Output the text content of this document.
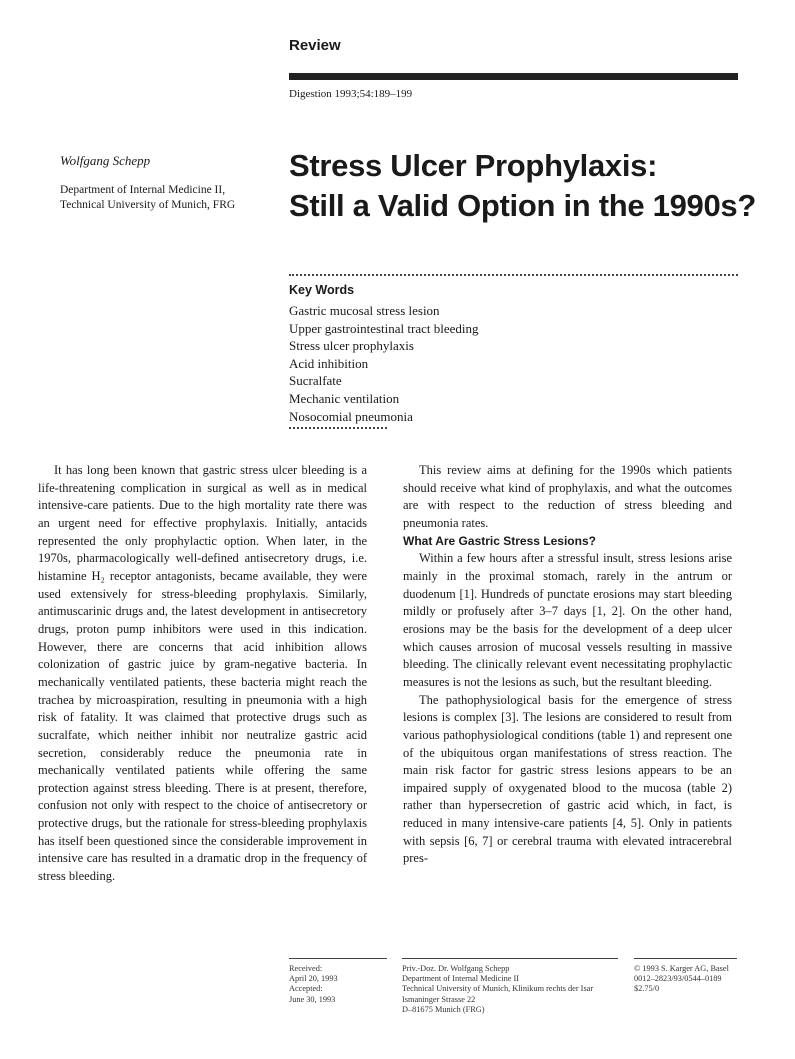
Review
Digestion 1993;54:189–199
Wolfgang Schepp
Department of Internal Medicine II,
Technical University of Munich, FRG
Stress Ulcer Prophylaxis:
Still a Valid Option in the 1990s?
Key Words
Gastric mucosal stress lesion
Upper gastrointestinal tract bleeding
Stress ulcer prophylaxis
Acid inhibition
Sucralfate
Mechanic ventilation
Nosocomial pneumonia

It has long been known that gastric stress ulcer bleeding is a life-threatening complication in surgical as well as in medical intensive-care patients. Due to the high mortality rate there was an urgent need for effective prophylaxis. Initially, antacids represented the only prophylactic option. When later, in the 1970s, pharmacologically well-defined antisecretory drugs, i.e. histamine H₂ receptor antagonists, became available, they were used extensively for stress-bleeding prophylaxis. Similarly, antimuscarinic drugs and, the latest development in antisecretory drugs, proton pump inhibitors were used in this indication. However, there are concerns that acid inhibition allows colonization of gastric juice by gram-negative bacteria. In mechanically ventilated patients, these bacteria might reach the trachea by microaspiration, resulting in pneumonia with a high risk of fatality. It was claimed that protective drugs such as sucralfate, which neither inhibit nor neutralize gastric acid secretion, considerably reduce the pneumonia rate in mechanically ventilated patients while offering the same protection against stress bleeding. There is at present, therefore, confusion not only with respect to the choice of antisecretory or protective drugs, but the rationale for stress-bleeding prophylaxis has itself been questioned since the considerable improvement in intensive care has resulted in a dramatic drop in the frequency of stress bleeding.

This review aims at defining for the 1990s which patients should receive what kind of prophylaxis, and what the outcomes are with respect to the reduction of stress bleeding and pneumonia rates.

What Are Gastric Stress Lesions?

Within a few hours after a stressful insult, stress lesions arise mainly in the proximal stomach, rarely in the antrum or duodenum [1]. Hundreds of punctate erosions may start bleeding mildly or profusely after 3–7 days [1, 2]. On the other hand, erosions may be the basis for the development of a deep ulcer which causes arrosion of mucosal vessels resulting in massive bleeding. The clinically relevant event necessitating prophylactic measures is not the lesions as such, but the resultant bleeding.

The pathophysiological basis for the emergence of stress lesions is complex [3]. The lesions are considered to result from various pathophysiological conditions (table 1) and represent one of the ubiquitous organ manifestations of stress reaction. The main risk factor for gastric stress lesions appears to be an impaired supply of oxygenated blood to the mucosa (table 2) rather than hypersecretion of gastric acid which, in fact, is reduced in many intensive-care patients [4, 5]. Only in patients with sepsis [6, 7] or cerebral trauma with elevated intracerebral pres-

Received:
April 20, 1993
Accepted:
June 30, 1993
Priv.-Doz. Dr. Wolfgang Schepp
Department of Internal Medicine II
Technical University of Munich, Klinikum rechts der Isar
Ismaninger Strasse 22
D–81675 Munich (FRG)
© 1993 S. Karger AG, Basel
0012–2823/93/0544–0189
$2.75/0
